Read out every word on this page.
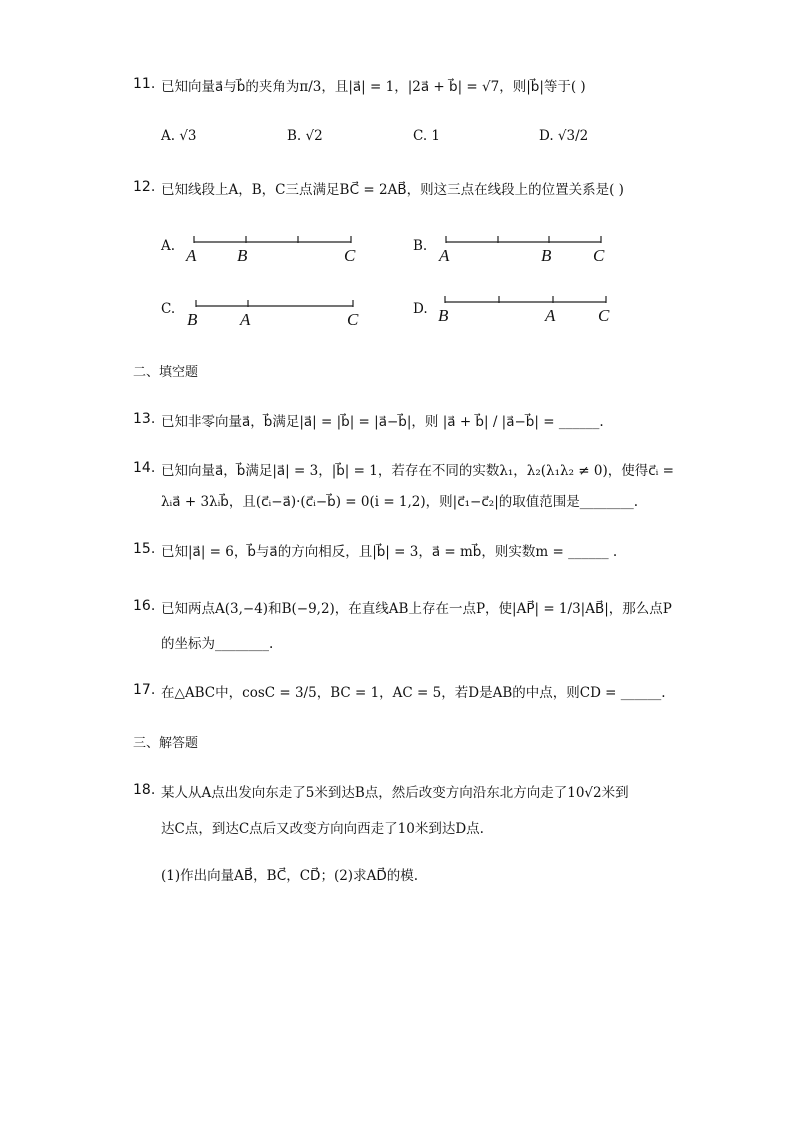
11. 已知向量a⃗与b⃗的夹角为π/3，且|a⃗| = 1，|2a⃗ + b⃗| = √7，则|b⃗|等于( )
A. √3	B. √2	C. 1	D. √3/2
12. 已知线段上A，B，C三点满足BC⃗ = 2AB⃗，则这三点在线段上的位置关系是( )
A. A B	C	B. A	B C
C.
B	A	C
D. B	A	C
二、填空题
13. 已知非零向量a⃗，b⃗满足|a⃗| = |b⃗| = |a⃗−b⃗|，则 |a⃗ + b⃗| / |a⃗−b⃗| = ______.
14. 已知向量a⃗，b⃗满足|a⃗| = 3，|b⃗| = 1，若存在不同的实数λ₁，λ₂(λ₁λ₂ ≠ 0)，使得c⃗ᵢ =
λᵢa⃗ + 3λᵢb⃗，且(c⃗ᵢ−a⃗)·(c⃗ᵢ−b⃗) = 0(i = 1,2)，则|c⃗₁−c⃗₂|的取值范围是________.
15. 已知|a⃗| = 6，b⃗与a⃗的方向相反，且|b⃗| = 3，a⃗ = mb⃗，则实数m = ______ .
16. 已知两点A(3,−4)和B(−9,2)，在直线AB上存在一点P，使|AP⃗| = 1/3|AB⃗|，那么点P
的坐标为________.
17. 在△ABC中，cosC = 3/5，BC = 1，AC = 5，若D是AB的中点，则CD = ______.
三、解答题
18. 某人从A点出发向东走了5米到达B点，然后改变方向沿东北方向走了10√2米到
达C点，到达C点后又改变方向向西走了10米到达D点.
(1)作出向量AB⃗，BC⃗，CD⃗；(2)求AD⃗的模.
